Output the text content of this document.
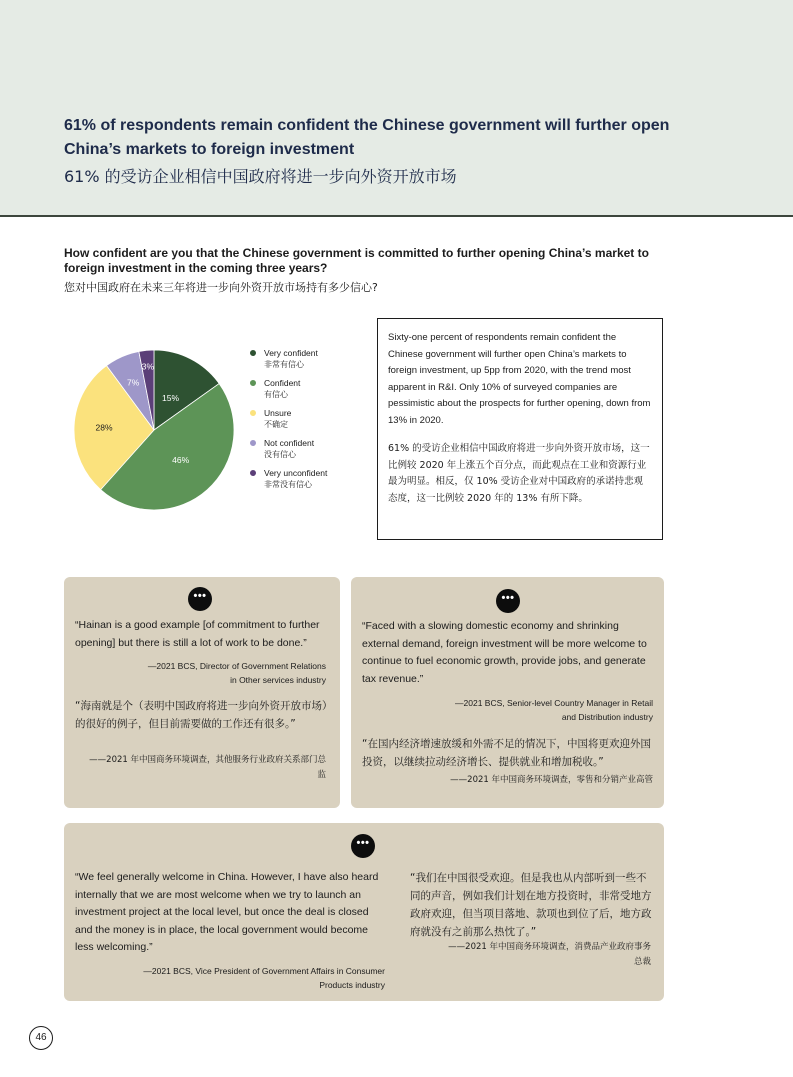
61% of respondents remain confident the Chinese government will further open China’s markets to foreign investment
61% 的受访企业相信中国政府将进一步向外资开放市场
How confident are you that the Chinese government is committed to further opening China’s market to foreign investment in the coming three years?
您对中国政府在未来三年将进一步向外资开放市场持有多少信心?
15%
46%
28%
7%
3%
Very confident
非常有信心
Confident
有信心
Unsure
不确定
Not confident
没有信心
Very unconfident
非常没有信心

Sixty-one percent of respondents remain confident the Chinese government will further open China’s markets to foreign investment, up 5pp from 2020, with the trend most apparent in R&I. Only 10% of surveyed companies are pessimistic about the prospects for further opening, down from 13% in 2020.

61% 的受访企业相信中国政府将进一步向外资开放市场，这一比例较 2020 年上涨五个百分点，而此观点在工业和资源行业最为明显。相反，仅 10% 受访企业对中国政府的承诺持悲观态度，这一比例较 2020 年的 13% 有所下降。

•••
“Hainan is a good example [of commitment to further opening] but there is still a lot of work to be done.”
—2021 BCS, Director of Government Relations in Other services industry
“海南就是个（表明中国政府将进一步向外资开放市场）的很好的例子，但目前需要做的工作还有很多。”
——2021 年中国商务环境调查，其他服务行业政府关系部门总监
•••
“Faced with a slowing domestic economy and shrinking external demand, foreign investment will be more welcome to continue to fuel economic growth, provide jobs, and generate tax revenue.”
—2021 BCS, Senior-level Country Manager in Retail and Distribution industry
“在国内经济增速放缓和外需不足的情况下，中国将更欢迎外国投资，以继续拉动经济增长、提供就业和增加税收。”
——2021 年中国商务环境调查，零售和分销产业高管
•••
“We feel generally welcome in China. However, I have also heard internally that we are most welcome when we try to launch an investment project at the local level, but once the deal is closed and the money is in place, the local government would become less welcoming.”
—2021 BCS, Vice President of Government Affairs in Consumer Products industry
“我们在中国很受欢迎。但是我也从内部听到一些不同的声音，例如我们计划在地方投资时，非常受地方政府欢迎，但当项目落地、款项也到位了后，地方政府就没有之前那么热忱了。”
——2021 年中国商务环境调查，消费品产业政府事务总裁
46
